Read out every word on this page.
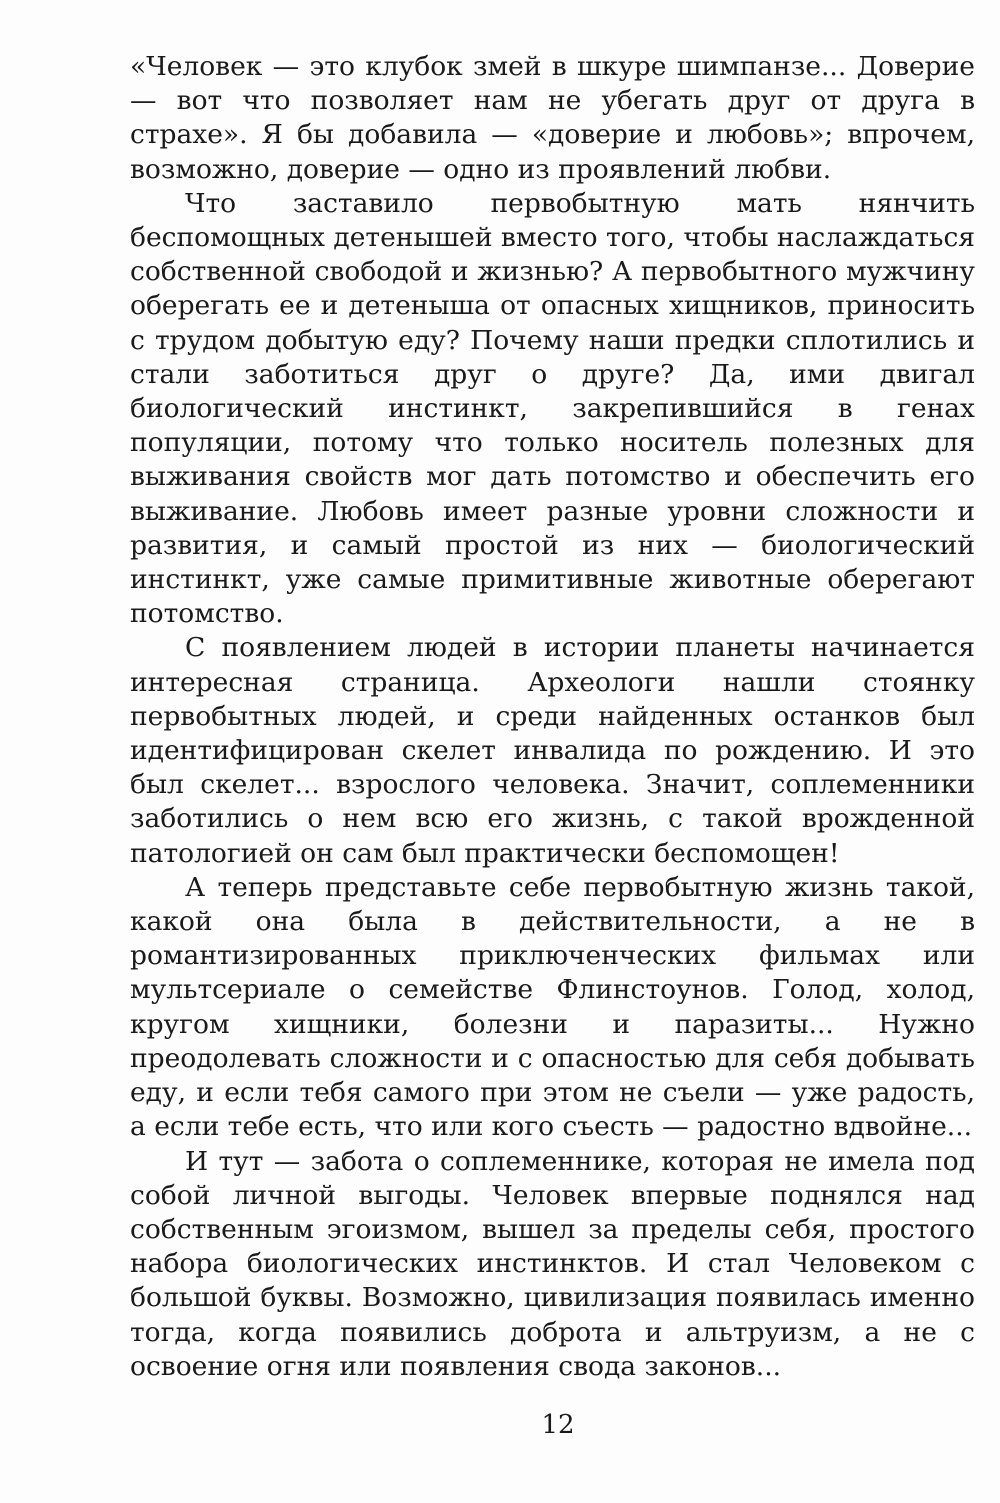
«Человек — это клубок змей в шкуре шимпанзе... Доверие — вот что позволяет нам не убегать друг от друга в страхе». Я бы добавила — «доверие и любовь»; впрочем, возможно, доверие — одно из проявлений любви.

Что заставило первобытную мать нянчить беспомощных детенышей вместо того, чтобы наслаждаться собственной свободой и жизнью? А первобытного мужчину оберегать ее и детеныша от опасных хищников, приносить с трудом добытую еду? Почему наши предки сплотились и стали заботиться друг о друге? Да, ими двигал биологический инстинкт, закрепившийся в генах популяции, потому что только носитель полезных для выживания свойств мог дать потомство и обеспечить его выживание. Любовь имеет разные уровни сложности и развития, и самый простой из них — биологический инстинкт, уже самые примитивные животные оберегают потомство.

С появлением людей в истории планеты начинается интересная страница. Археологи нашли стоянку первобытных людей, и среди найденных останков был идентифицирован скелет инвалида по рождению. И это был скелет... взрослого человека. Значит, соплеменники заботились о нем всю его жизнь, с такой врожденной патологией он сам был практически беспомощен!

А теперь представьте себе первобытную жизнь такой, какой она была в действительности, а не в романтизированных приключенческих фильмах или мультсериале о семействе Флинстоунов. Голод, холод, кругом хищники, болезни и паразиты... Нужно преодолевать сложности и с опасностью для себя добывать еду, и если тебя самого при этом не съели — уже радость, а если тебе есть, что или кого съесть — радостно вдвойне...

И тут — забота о соплеменнике, которая не имела под собой личной выгоды. Человек впервые поднялся над собственным эгоизмом, вышел за пределы себя, простого набора биологических инстинктов. И стал Человеком с большой буквы. Возможно, цивилизация появилась именно тогда, когда появились доброта и альтруизм, а не с освоение огня или появления свода законов...

12
